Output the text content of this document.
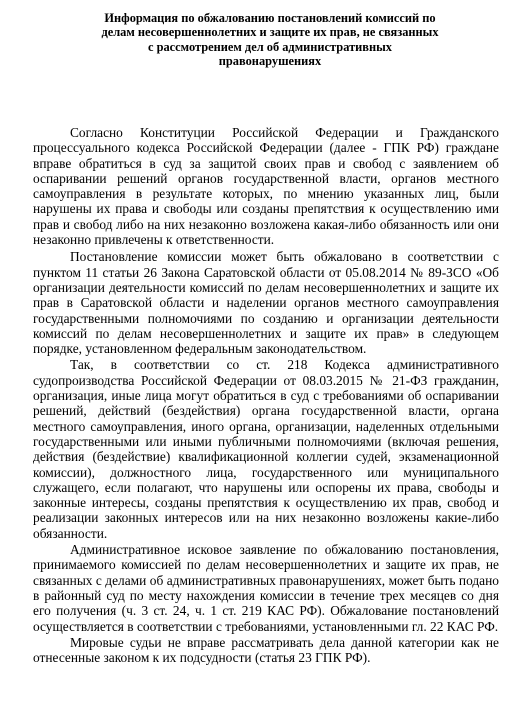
Информация по обжалованию постановлений комиссий по делам несовершеннолетних и защите их прав, не связанных с рассмотрением дел об административных правонарушениях

Согласно Конституции Российской Федерации и Гражданского процессуального кодекса Российской Федерации (далее - ГПК РФ) граждане вправе обратиться в суд за защитой своих прав и свобод с заявлением об оспаривании решений органов государственной власти, органов местного самоуправления в результате которых, по мнению указанных лиц, были нарушены их права и свободы или созданы препятствия к осуществлению ими прав и свобод либо на них незаконно возложена какая-либо обязанность или они незаконно привлечены к ответственности.

Постановление комиссии может быть обжаловано в соответствии с пунктом 11 статьи 26 Закона Саратовской области от 05.08.2014 № 89-ЗСО «Об организации деятельности комиссий по делам несовершеннолетних и защите их прав в Саратовской области и наделении органов местного самоуправления государственными полномочиями по созданию и организации деятельности комиссий по делам несовершеннолетних и защите их прав» в следующем порядке, установленном федеральным законодательством.

Так, в соответствии со ст. 218 Кодекса административного судопроизводства Российской Федерации от 08.03.2015 № 21-ФЗ гражданин, организация, иные лица могут обратиться в суд с требованиями об оспаривании решений, действий (бездействия) органа государственной власти, органа местного самоуправления, иного органа, организации, наделенных отдельными государственными или иными публичными полномочиями (включая решения, действия (бездействие) квалификационной коллегии судей, экзаменационной комиссии), должностного лица, государственного или муниципального служащего, если полагают, что нарушены или оспорены их права, свободы и законные интересы, созданы препятствия к осуществлению их прав, свобод и реализации законных интересов или на них незаконно возложены какие-либо обязанности.

Административное исковое заявление по обжалованию постановления, принимаемого комиссией по делам несовершеннолетних и защите их прав, не связанных с делами об административных правонарушениях, может быть подано в районный суд по месту нахождения комиссии в течение трех месяцев со дня его получения (ч. 3 ст. 24, ч. 1 ст. 219 КАС РФ). Обжалование постановлений осуществляется в соответствии с требованиями, установленными гл. 22 КАС РФ.

Мировые судьи не вправе рассматривать дела данной категории как не отнесенные законом к их подсудности (статья 23 ГПК РФ).
